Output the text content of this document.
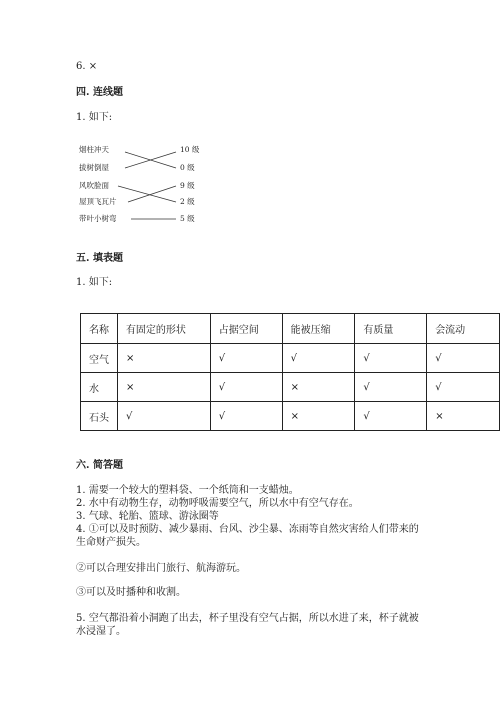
6. ×
四. 连线题
1. 如下:
烟柱冲天
拔树倒屋
风吹脸面
屋顶飞瓦片
带叶小树弯
10 级
0 级
9 级
2 级
5 级
五. 填表题
1. 如下:
名称	有固定的形状	占据空间	能被压缩	有质量	会流动
空气	×	√	√	√	√
水	×	√	×	√	√
石头	√	√	×	√	×
六. 简答题
1. 需要一个较大的塑料袋、一个纸筒和一支蜡烛。
2. 水中有动物生存，动物呼吸需要空气，所以水中有空气存在。
3. 气球、轮胎、篮球、游泳圈等
4. ①可以及时预防、减少暴雨、台风、沙尘暴、冻雨等自然灾害给人们带来的
生命财产损失。
②可以合理安排出门旅行、航海游玩。
③可以及时播种和收割。
5. 空气都沿着小洞跑了出去，杯子里没有空气占据，所以水进了来，杯子就被
水浸湿了。
